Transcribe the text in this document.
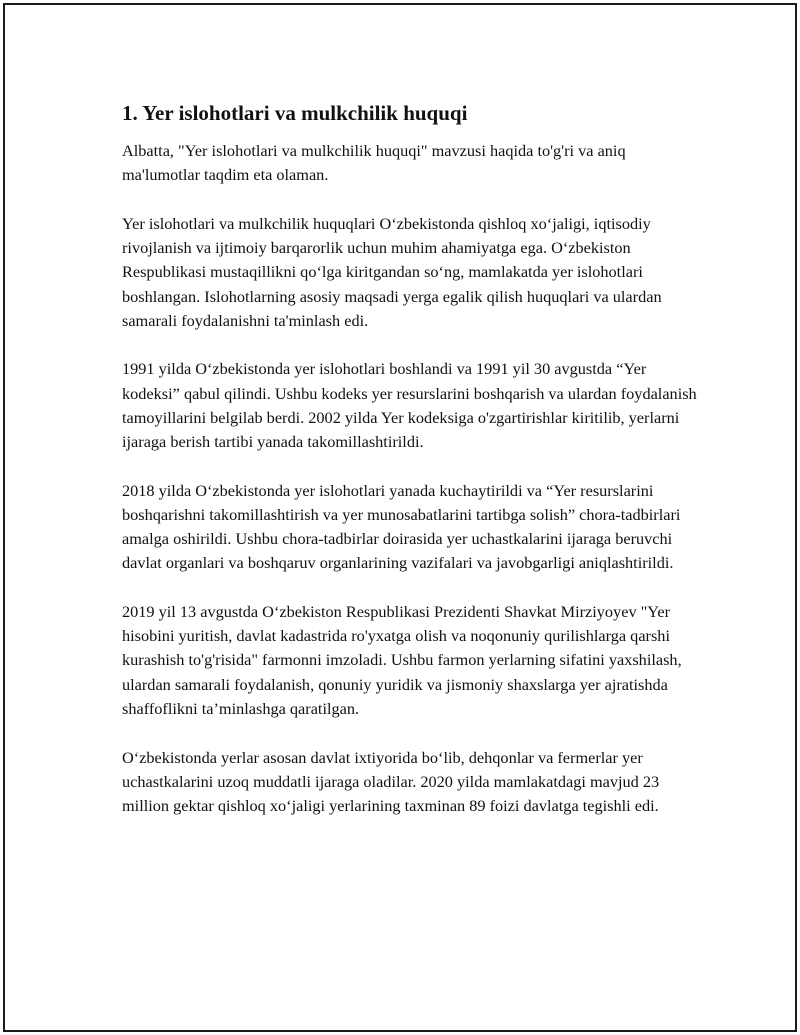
1. Yer islohotlari va mulkchilik huquqi

Albatta, "Yer islohotlari va mulkchilik huquqi" mavzusi haqida to'g'ri va aniq ma'lumotlar taqdim eta olaman.

Yer islohotlari va mulkchilik huquqlari O‘zbekistonda qishloq xo‘jaligi, iqtisodiy rivojlanish va ijtimoiy barqarorlik uchun muhim ahamiyatga ega. O‘zbekiston Respublikasi mustaqillikni qo‘lga kiritgandan so‘ng, mamlakatda yer islohotlari boshlangan. Islohotlarning asosiy maqsadi yerga egalik qilish huquqlari va ulardan samarali foydalanishni ta'minlash edi.

1991 yilda O‘zbekistonda yer islohotlari boshlandi va 1991 yil 30 avgustda “Yer kodeksi” qabul qilindi. Ushbu kodeks yer resurslarini boshqarish va ulardan foydalanish tamoyillarini belgilab berdi. 2002 yilda Yer kodeksiga o'zgartirishlar kiritilib, yerlarni ijaraga berish tartibi yanada takomillashtirildi.

2018 yilda O‘zbekistonda yer islohotlari yanada kuchaytirildi va “Yer resurslarini boshqarishni takomillashtirish va yer munosabatlarini tartibga solish” chora-tadbirlari amalga oshirildi. Ushbu chora-tadbirlar doirasida yer uchastkalarini ijaraga beruvchi davlat organlari va boshqaruv organlarining vazifalari va javobgarligi aniqlashtirildi.

2019 yil 13 avgustda O‘zbekiston Respublikasi Prezidenti Shavkat Mirziyoyev "Yer hisobini yuritish, davlat kadastrida ro'yxatga olish va noqonuniy qurilishlarga qarshi kurashish to'g'risida" farmonni imzoladi. Ushbu farmon yerlarning sifatini yaxshilash, ulardan samarali foydalanish, qonuniy yuridik va jismoniy shaxslarga yer ajratishda shaffoflikni ta’minlashga qaratilgan.

O‘zbekistonda yerlar asosan davlat ixtiyorida bo‘lib, dehqonlar va fermerlar yer uchastkalarini uzoq muddatli ijaraga oladilar. 2020 yilda mamlakatdagi mavjud 23 million gektar qishloq xo‘jaligi yerlarining taxminan 89 foizi davlatga tegishli edi.
